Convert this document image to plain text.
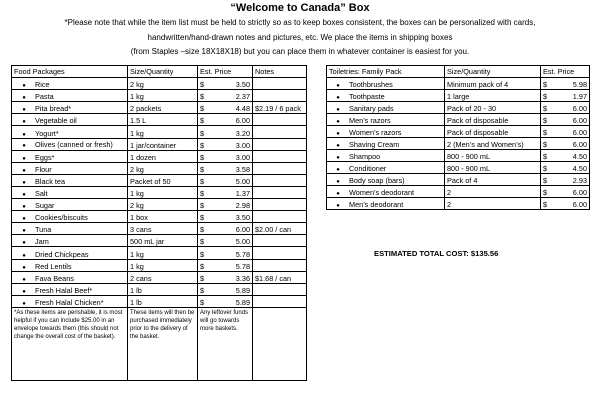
“Welcome to Canada” Box
*Please note that while the item list must be held to strictly so as to keep boxes consistent, the boxes can be personalized with cards,
handwritten/hand-drawn notes and pictures, etc. We place the items in shipping boxes
(from Staples –size 18X18X18) but you can place them in whatever container is easiest for you.
Food Packages	Size/Quantity	Est. Price	Notes
● Rice	2 kg	$ 3.50	

● Pasta	1 kg	$ 2.37	

● Pita bread*	2 packets	$ 4.48	$2.19 / 6 pack
● Vegetable oil	1.5 L	$ 6.00	

● Yogurt*	1 kg	$ 3.20	

● Olives (canned or fresh)	1 jar/container	$ 3.00	

● Eggs*	1 dozen	$ 3.00	

● Flour	2 kg	$ 3.58	

● Black tea	Packet of 50	$ 5.00	

● Salt	1 kg	$ 1.37	

● Sugar	2 kg	$ 2.98	

● Cookies/biscuits	1 box	$ 3.50	

● Tuna	3 cans	$ 6.00	$2.00 / can
● Jam	500 mL jar	$ 5.00	

● Dried Chickpeas	1 kg	$ 5.78	

● Red Lentils	1 kg	$ 5.78	

● Fava Beans	2 cans	$ 3.36	$1.68 / can
● Fresh Halal Beef*	1 lb	$ 5.89	

● Fresh Halal Chicken*	1 lb	$ 5.89	

*As these items are perishable, it is most helpful if you can include $25.00 in an envelope towards them (this should not change the overall cost of the basket).	These items will then be purchased immediately prior to the delivery of the basket.	Any leftover funds will go towards more baskets.	
Toiletries: Family Pack	Size/Quantity	Est. Price
● Toothbrushes	Minimum pack of 4	$ 5.98

● Toothpaste	1 large	$ 1.97

● Sanitary pads	Pack of 20 - 30	$ 6.00

● Men’s razors	Pack of disposable	$ 6.00

● Women’s razors	Pack of disposable	$ 6.00

● Shaving Cream	2 (Men’s and Women’s)	$ 6.00

● Shampoo	800 - 900 mL	$ 4.50

● Conditioner	800 - 900 mL	$ 4.50

● Body soap (bars)	Pack of 4	$ 2.93

● Women’s deodorant	2	$ 6.00

● Men’s deodorant	2	$ 6.00
ESTIMATED TOTAL COST: $135.56
